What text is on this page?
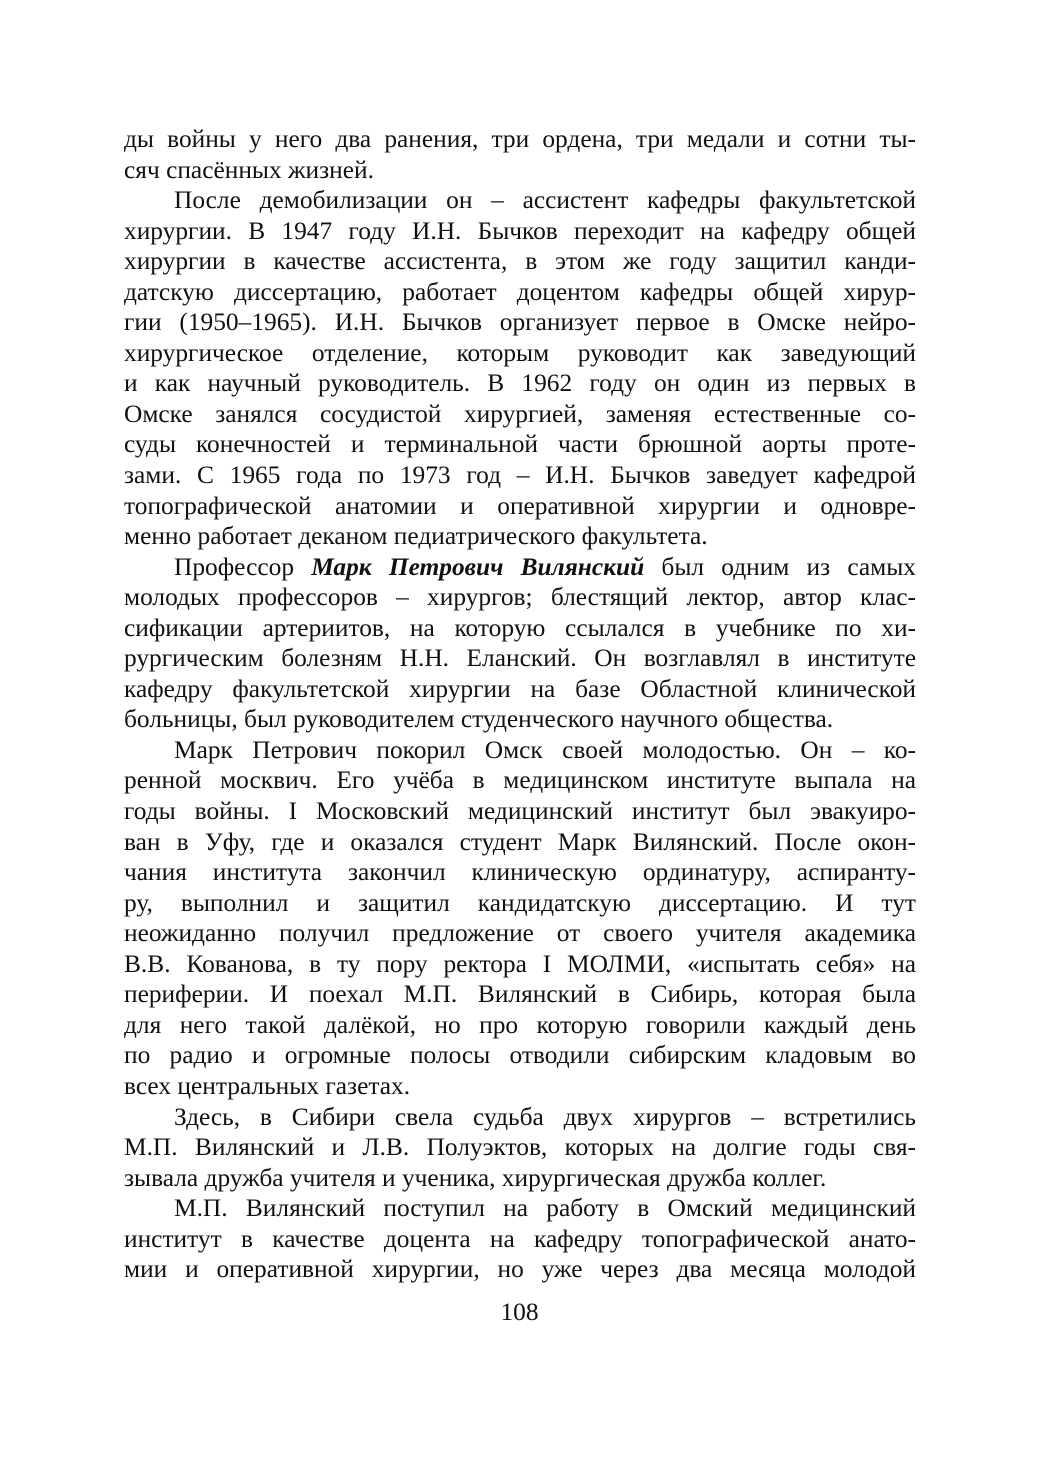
ды войны у него два ранения, три ордена, три медали и сотни ты-
сяч спасённых жизней.
После демобилизации он – ассистент кафедры факультетской
хирургии. В 1947 году И.Н. Бычков переходит на кафедру общей
хирургии в качестве ассистента, в этом же году защитил канди-
датскую диссертацию, работает доцентом кафедры общей хирур-
гии (1950–1965). И.Н. Бычков организует первое в Омске нейро-
хирургическое отделение, которым руководит как заведующий
и как научный руководитель. В 1962 году он один из первых в
Омске занялся сосудистой хирургией, заменяя естественные со-
суды конечностей и терминальной части брюшной аорты проте-
зами. С 1965 года по 1973 год – И.Н. Бычков заведует кафедрой
топографической анатомии и оперативной хирургии и одновре-
менно работает деканом педиатрического факультета.
Профессор Марк Петрович Вилянский был одним из самых
молодых профессоров – хирургов; блестящий лектор, автор клас-
сификации артериитов, на которую ссылался в учебнике по хи-
рургическим болезням Н.Н. Еланский. Он возглавлял в институте
кафедру факультетской хирургии на базе Областной клинической
больницы, был руководителем студенческого научного общества.
Марк Петрович покорил Омск своей молодостью. Он – ко-
ренной москвич. Его учёба в медицинском институте выпала на
годы войны. I Московский медицинский институт был эвакуиро-
ван в Уфу, где и оказался студент Марк Вилянский. После окон-
чания института закончил клиническую ординатуру, аспиранту-
ру, выполнил и защитил кандидатскую диссертацию. И тут
неожиданно получил предложение от своего учителя академика
В.В. Кованова, в ту пору ректора I МОЛМИ, «испытать себя» на
периферии. И поехал М.П. Вилянский в Сибирь, которая была
для него такой далёкой, но про которую говорили каждый день
по радио и огромные полосы отводили сибирским кладовым во
всех центральных газетах.
Здесь, в Сибири свела судьба двух хирургов – встретились
М.П. Вилянский и Л.В. Полуэктов, которых на долгие годы свя-
зывала дружба учителя и ученика, хирургическая дружба коллег.
М.П. Вилянский поступил на работу в Омский медицинский
институт в качестве доцента на кафедру топографической анато-
мии и оперативной хирургии, но уже через два месяца молодой
108
